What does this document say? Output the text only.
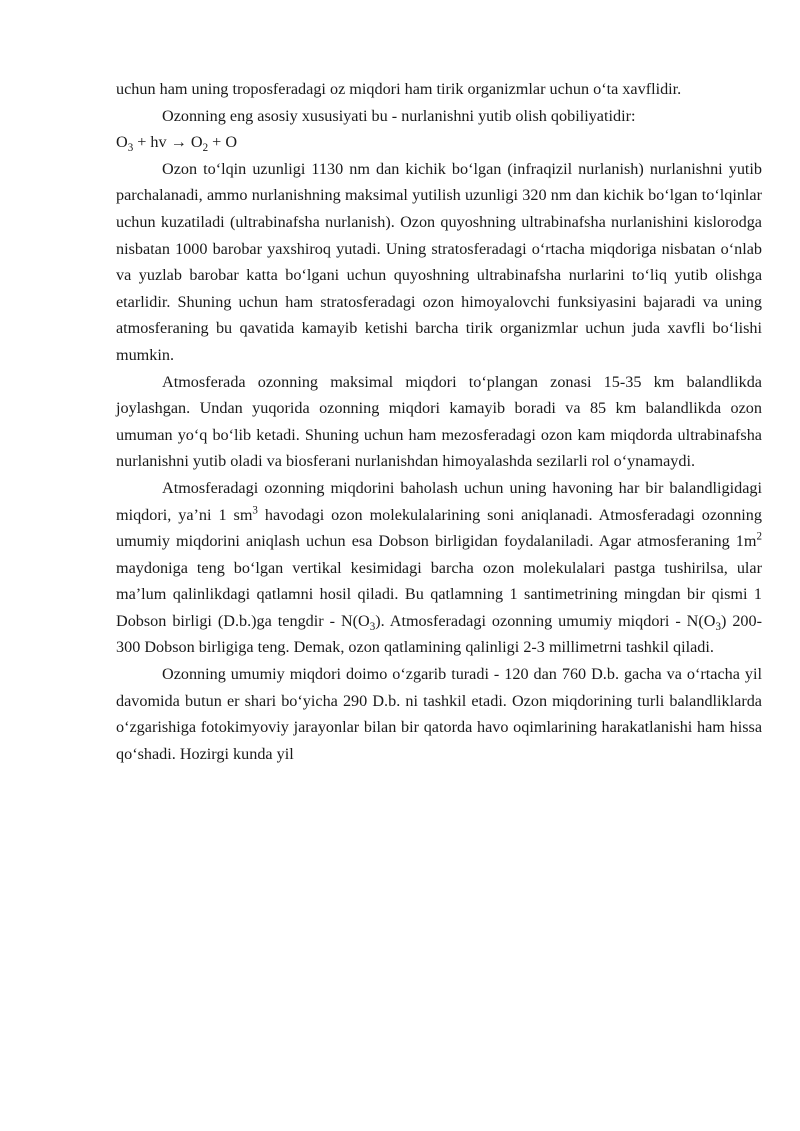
uchun ham uning troposferadagi oz miqdori ham tirik organizmlar uchun o‘ta xavflidir.

Ozonning eng asosiy xususiyati bu - nurlanishni yutib olish qobiliyatidir:

$O_3$ + hv → $O_2 + O$

Ozon to‘lqin uzunligi 1130 nm dan kichik bo‘lgan (infraqizil nurlanish) nurlanishni yutib parchalanadi, ammo nurlanishning maksimal yutilish uzunligi 320 nm dan kichik bo‘lgan to‘lqinlar uchun kuzatiladi (ultrabinafsha nurlanish). Ozon quyoshning ultrabinafsha nurlanishini kislorodga nisbatan 1000 barobar yaxshiroq yutadi. Uning stratosferadagi o‘rtacha miqdoriga nisbatan o‘nlab va yuzlab barobar katta bo‘lgani uchun quyoshning ultrabinafsha nurlarini to‘liq yutib olishga etarlidir. Shuning uchun ham stratosferadagi ozon himoyalovchi funksiyasini bajaradi va uning atmosferaning bu qavatida kamayib ketishi barcha tirik organizmlar uchun juda xavfli bo‘lishi mumkin.

Atmosferada ozonning maksimal miqdori to‘plangan zonasi 15-35 km balandlikda joylashgan. Undan yuqorida ozonning miqdori kamayib boradi va 85 km balandlikda ozon umuman yo‘q bo‘lib ketadi. Shuning uchun ham mezosferadagi ozon kam miqdorda ultrabinafsha nurlanishni yutib oladi va biosferani nurlanishdan himoyalashda sezilarli rol o‘ynamaydi.

Atmosferadagi ozonning miqdorini baholash uchun uning havoning har bir balandligidagi miqdori, ya’ni 1 $sm^3$ havodagi ozon molekulalarining soni aniqlanadi. Atmosferadagi ozonning umumiy miqdorini aniqlash uchun esa Dobson birligidan foydalaniladi. Agar atmosferaning $1m^2$ maydoniga teng bo‘lgan vertikal kesimidagi barcha ozon molekulalari pastga tushirilsa, ular ma’lum qalinlikdagi qatlamni hosil qiladi. Bu qatlamning 1 santimetrining mingdan bir qismi 1 Dobson birligi (D.b.)ga tengdir - $N(O_3)$. Atmosferadagi ozonning umumiy miqdori - $N(O_3)$ 200-300 Dobson birligiga teng. Demak, ozon qatlamining qalinligi 2-3 millimetrni tashkil qiladi.

Ozonning umumiy miqdori doimo o‘zgarib turadi - 120 dan 760 D.b. gacha va o‘rtacha yil davomida butun er shari bo‘yicha 290 D.b. ni tashkil etadi. Ozon miqdorining turli balandliklarda o‘zgarishiga fotokimyoviy jarayonlar bilan bir qatorda havo oqimlarining harakatlanishi ham hissa qo‘shadi. Hozirgi kunda yil
